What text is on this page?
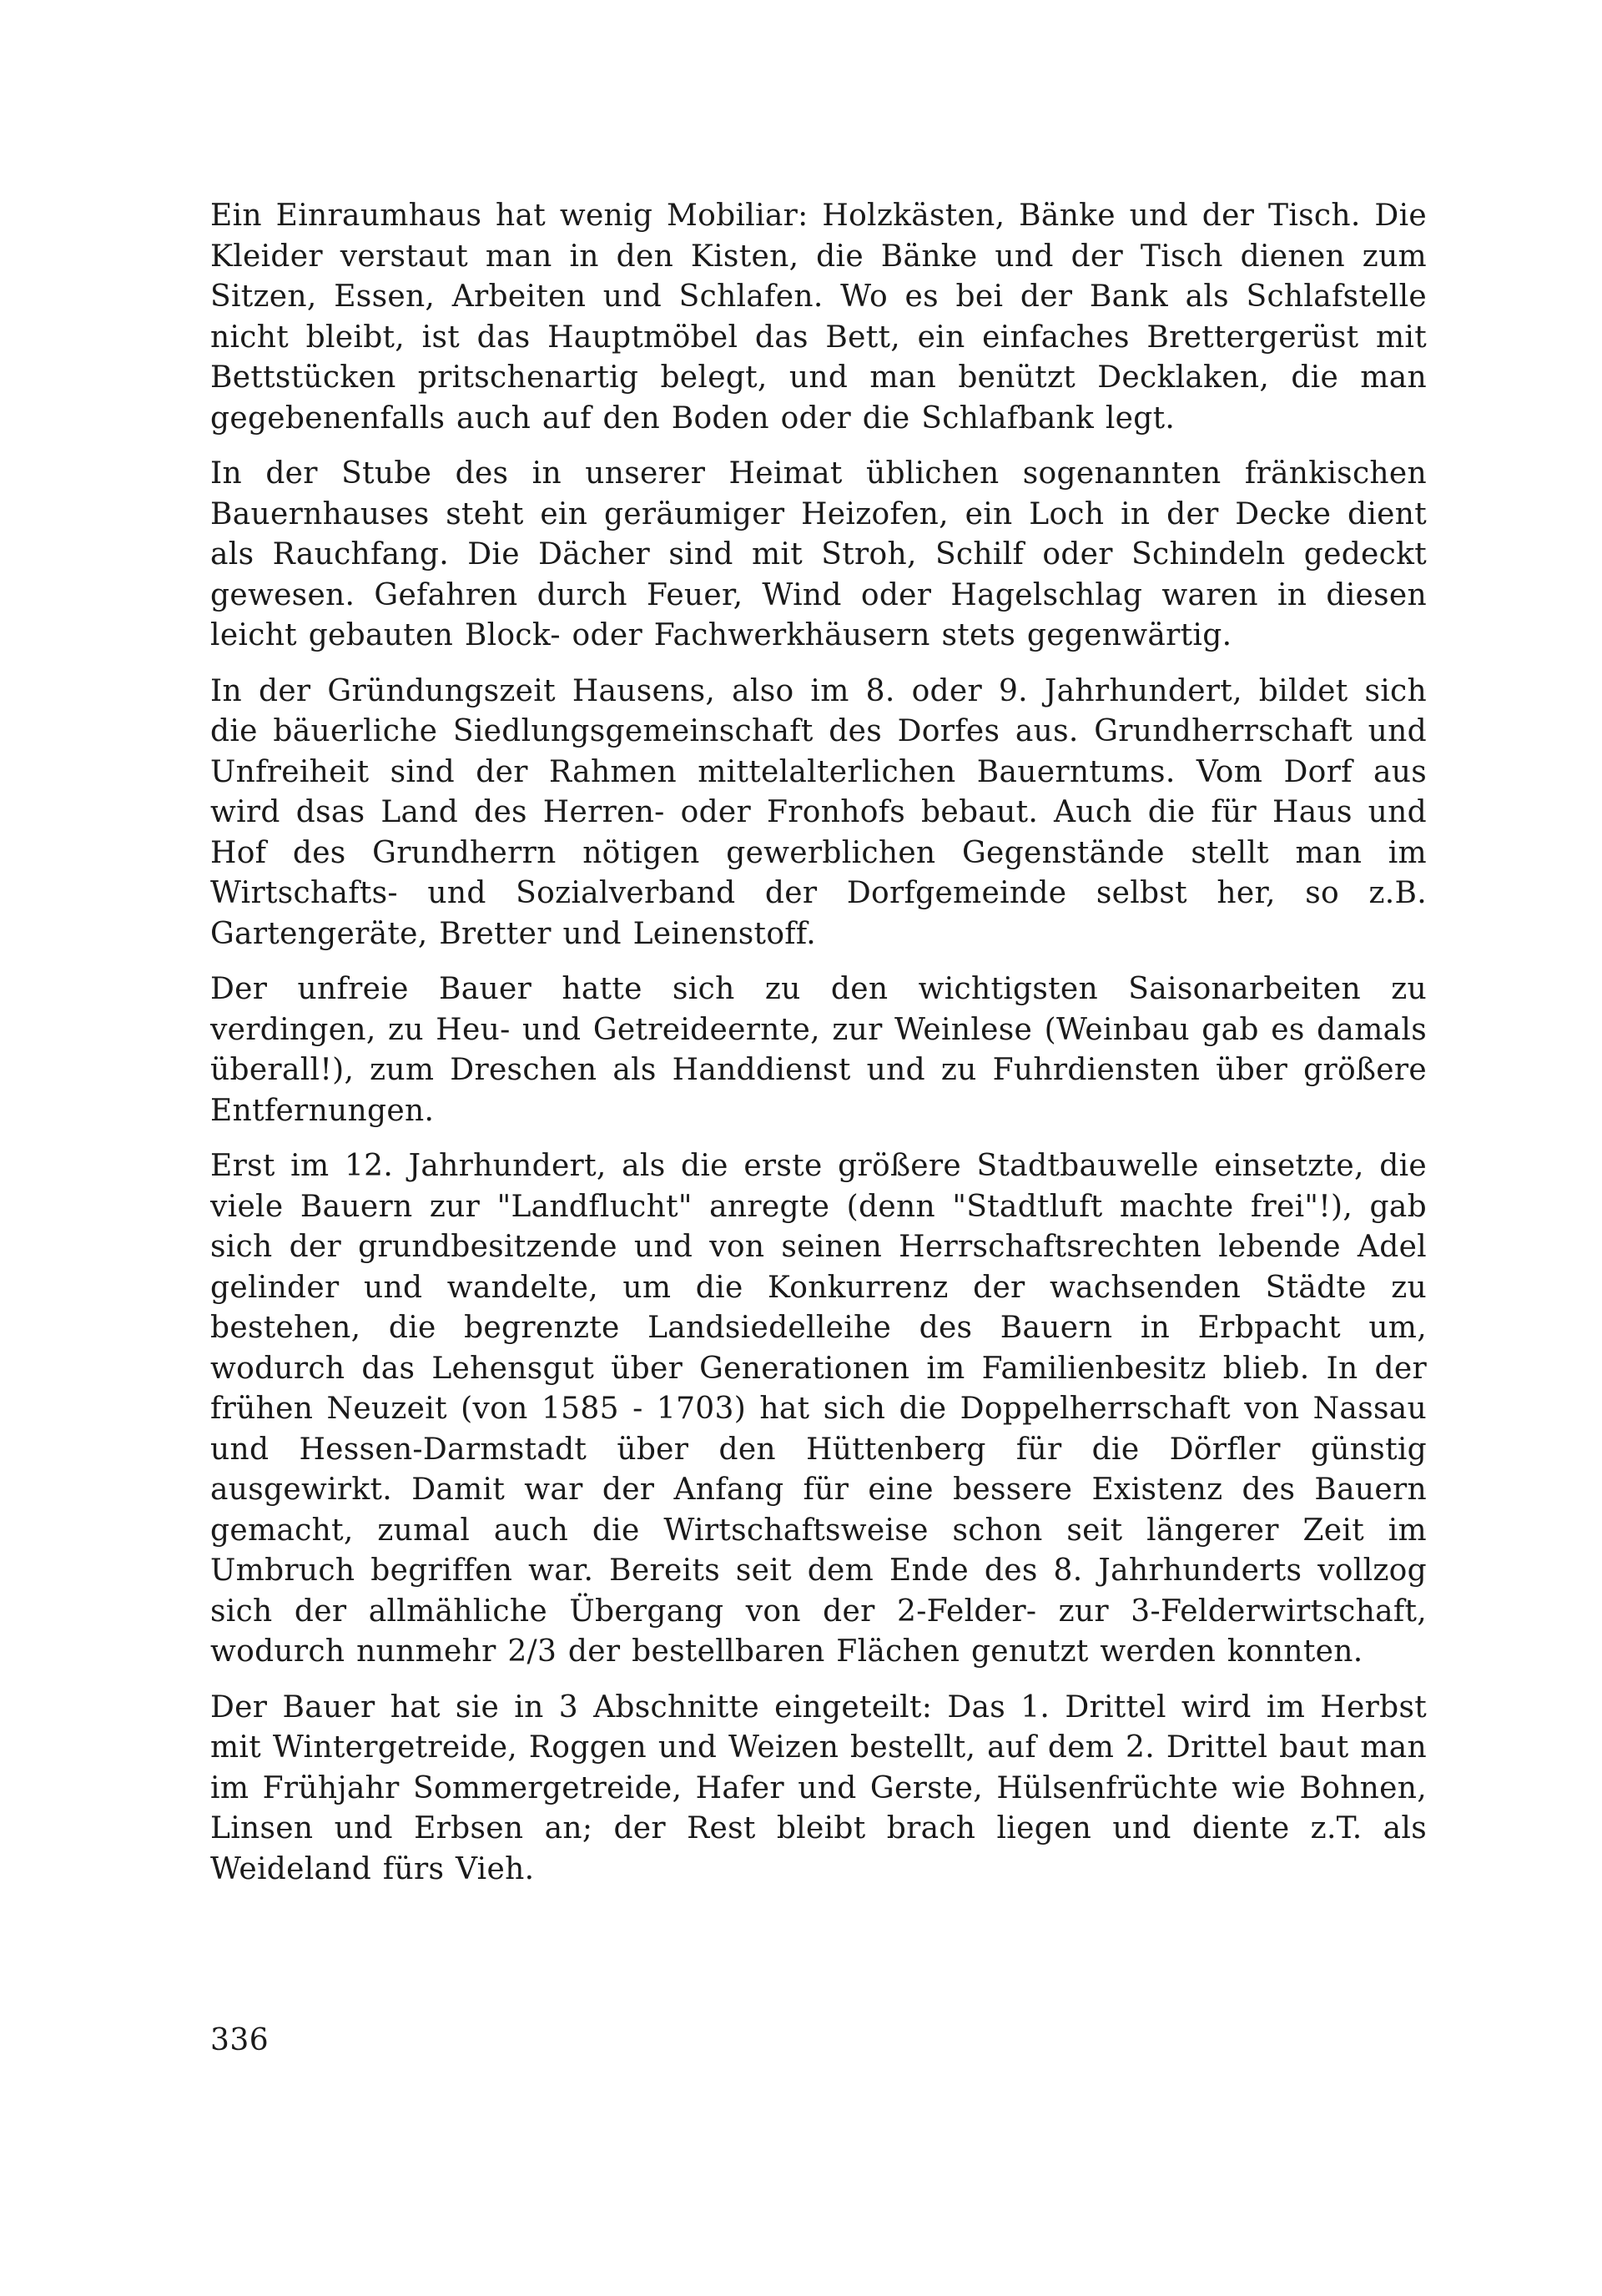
Ein Einraumhaus hat wenig Mobiliar: Holzkästen, Bänke und der Tisch. Die Kleider verstaut man in den Kisten, die Bänke und der Tisch dienen zum Sitzen, Essen, Arbeiten und Schlafen. Wo es bei der Bank als Schlafstelle nicht bleibt, ist das Hauptmöbel das Bett, ein einfaches Brettergerüst mit Bettstücken pritschenartig belegt, und man benützt Decklaken, die man gegebenenfalls auch auf den Boden oder die Schlafbank legt.

In der Stube des in unserer Heimat üblichen sogenannten fränkischen Bauernhauses steht ein geräumiger Heizofen, ein Loch in der Decke dient als Rauchfang. Die Dächer sind mit Stroh, Schilf oder Schindeln gedeckt gewesen. Gefahren durch Feuer, Wind oder Hagelschlag waren in diesen leicht gebauten Block- oder Fachwerkhäusern stets gegenwärtig.

In der Gründungszeit Hausens, also im 8. oder 9. Jahrhundert, bildet sich die bäuerliche Siedlungsgemeinschaft des Dorfes aus. Grundherrschaft und Unfreiheit sind der Rahmen mittelalterlichen Bauerntums. Vom Dorf aus wird dsas Land des Herren- oder Fronhofs bebaut. Auch die für Haus und Hof des Grundherrn nötigen gewerblichen Gegenstände stellt man im Wirtschafts- und Sozialverband der Dorfgemeinde selbst her, so z.B. Gartengeräte, Bretter und Leinenstoff.

Der unfreie Bauer hatte sich zu den wichtigsten Saisonarbeiten zu verdingen, zu Heu- und Getreideernte, zur Weinlese (Weinbau gab es damals überall!), zum Dreschen als Handdienst und zu Fuhrdiensten über größere Entfernungen.

Erst im 12. Jahrhundert, als die erste größere Stadtbauwelle einsetzte, die viele Bauern zur "Landflucht" anregte (denn "Stadtluft machte frei"!), gab sich der grundbesitzende und von seinen Herrschaftsrechten lebende Adel gelinder und wandelte, um die Konkurrenz der wachsenden Städte zu bestehen, die begrenzte Landsiedelleihe des Bauern in Erbpacht um, wodurch das Lehensgut über Generationen im Familienbesitz blieb. In der frühen Neuzeit (von 1585 - 1703) hat sich die Doppelherrschaft von Nassau und Hessen-Darmstadt über den Hüttenberg für die Dörfler günstig ausgewirkt. Damit war der Anfang für eine bessere Existenz des Bauern gemacht, zumal auch die Wirtschaftsweise schon seit längerer Zeit im Umbruch begriffen war. Bereits seit dem Ende des 8. Jahrhunderts vollzog sich der allmähliche Übergang von der 2-Felder- zur 3-Felderwirtschaft, wodurch nunmehr 2/3 der bestellbaren Flächen genutzt werden konnten.

Der Bauer hat sie in 3 Abschnitte eingeteilt: Das 1. Drittel wird im Herbst mit Wintergetreide, Roggen und Weizen bestellt, auf dem 2. Drittel baut man im Frühjahr Sommergetreide, Hafer und Gerste, Hülsenfrüchte wie Bohnen, Linsen und Erbsen an; der Rest bleibt brach liegen und diente z.T. als Weideland fürs Vieh.

336
